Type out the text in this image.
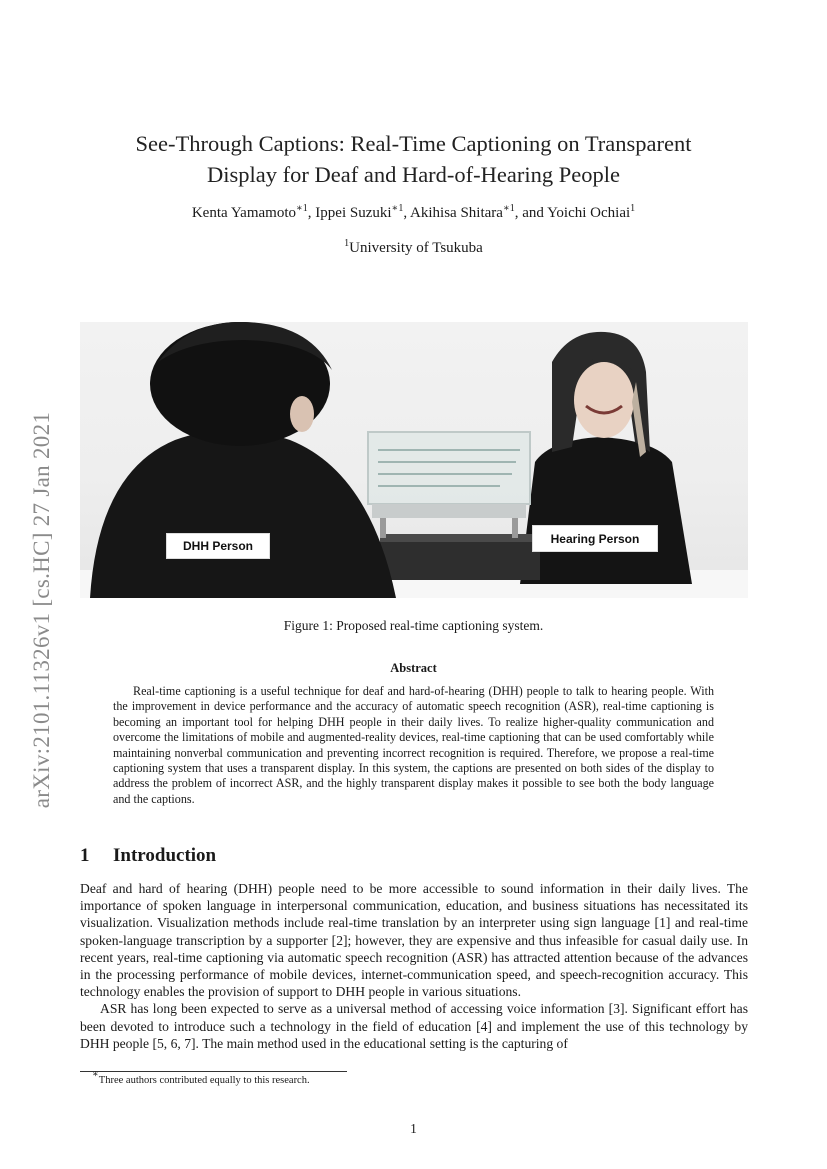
arXiv:2101.11326v1 [cs.HC] 27 Jan 2021
See-Through Captions: Real-Time Captioning on Transparent
Display for Deaf and Hard-of-Hearing People
Kenta Yamamoto$^{∗1}$, Ippei Suzuki$^{∗1}$, Akihisa Shitara$^{∗1}$, and Yoichi Ochiai$^1$
$^1$University of Tsukuba
DHH Person
Hearing Person
Figure 1: Proposed real-time captioning system.
Abstract
Real-time captioning is a useful technique for deaf and hard-of-hearing (DHH) people to talk to hearing people. With the improvement in device performance and the accuracy of automatic speech recognition (ASR), real-time captioning is becoming an important tool for helping DHH people in their daily lives. To realize higher-quality communication and overcome the limitations of mobile and augmented-reality devices, real-time captioning that can be used comfortably while maintaining nonverbal communication and preventing incorrect recognition is required. Therefore, we propose a real-time captioning system that uses a transparent display. In this system, the captions are presented on both sides of the display to address the problem of incorrect ASR, and the highly transparent display makes it possible to see both the body language and the captions.
1 Introduction

Deaf and hard of hearing (DHH) people need to be more accessible to sound information in their daily lives. The importance of spoken language in interpersonal communication, education, and business situations has necessitated its visualization. Visualization methods include real-time translation by an interpreter using sign language [1] and real-time spoken-language transcription by a supporter [2]; however, they are expensive and thus infeasible for casual daily use. In recent years, real-time captioning via automatic speech recognition (ASR) has attracted attention because of the advances in the processing performance of mobile devices, internet-communication speed, and speech-recognition accuracy. This technology enables the provision of support to DHH people in various situations.

ASR has long been expected to serve as a universal method of accessing voice information [3]. Significant effort has been devoted to introduce such a technology in the field of education [4] and implement the use of this technology by DHH people [5, 6, 7]. The main method used in the educational setting is the capturing of

∗Three authors contributed equally to this research.
1
